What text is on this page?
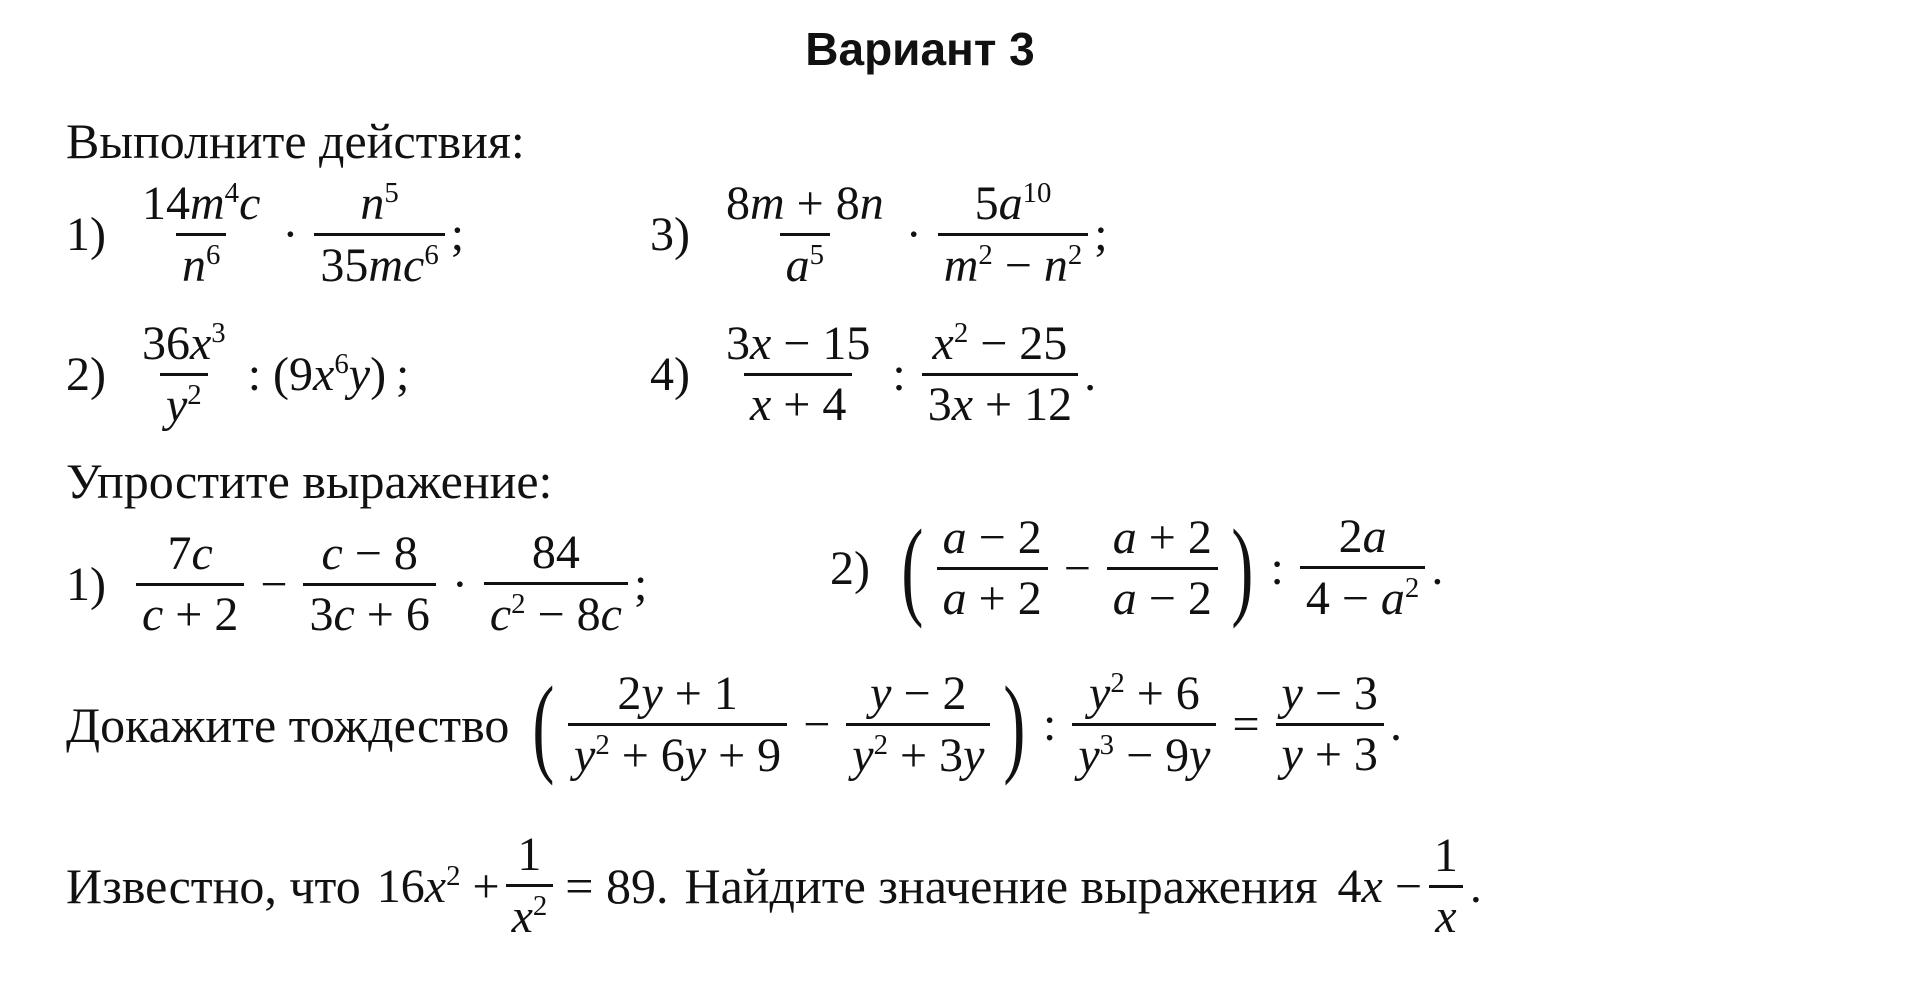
Вариант 3
Выполните действия:
$1) \frac{14m^4c}{n^6} \cdot \frac{n^5}{35mc^6}$ ;	$3) \frac{8m + 8n}{a^5} \cdot \frac{5a^{10}}{m^2 - n^2}$ ;
$2) \frac{36x^3}{y^2}$ : $(9x^6y)$ ;	$4) \frac{3x - 15}{x + 4}$ : $\frac{x^2 - 25}{3x + 12}$ .
Упростите выражение:
$1) \frac{7c}{c + 2} - \frac{c - 8}{3c + 6} \cdot \frac{84}{c^2 - 8c}$ ;	2) ( $\frac{a - 2}{a + 2} - \frac{a + 2}{a - 2}$ ) : $\frac{2a}{4 - a^2}$ .
Докажите тождество ( $\frac{2y + 1}{y^2 + 6y + 9} - \frac{y - 2}{y^2 + 3y}$ ) : $\frac{y^2 + 6}{y^3 - 9y} = \frac{y - 3}{y + 3}$ .
Известно, что $16x^2 + \frac{1}{x^2} = 89$. Найдите значение выражения $4x - \frac{1}{x}$ .
